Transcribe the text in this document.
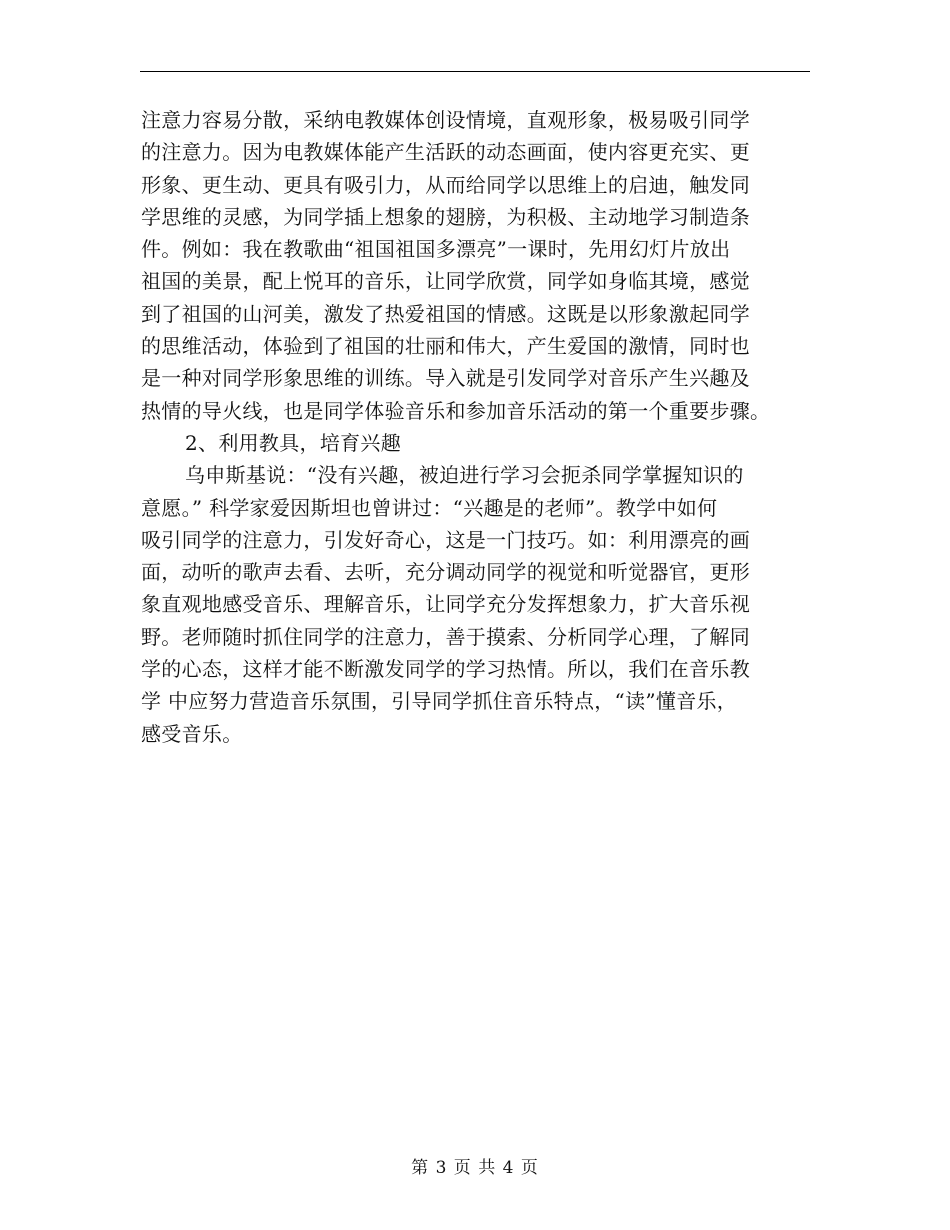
注意力容易分散，采纳电教媒体创设情境，直观形象，极易吸引同学
的注意力。因为电教媒体能产生活跃的动态画面，使内容更充实、更
形象、更生动、更具有吸引力，从而给同学以思维上的启迪，触发同
学思维的灵感，为同学插上想象的翅膀，为积极、主动地学习制造条
件。例如：我在教歌曲“祖国祖国多漂亮”一课时，先用幻灯片放出
祖国的美景，配上悦耳的音乐，让同学欣赏，同学如身临其境，感觉
到了祖国的山河美，激发了热爱祖国的情感。这既是以形象激起同学
的思维活动，体验到了祖国的壮丽和伟大，产生爱国的激情，同时也
是一种对同学形象思维的训练。导入就是引发同学对音乐产生兴趣及
热情的导火线，也是同学体验音乐和参加音乐活动的第一个重要步骤。
2、利用教具，培育兴趣
乌申斯基说：“没有兴趣，被迫进行学习会扼杀同学掌握知识的
意愿。” 科学家爱因斯坦也曾讲过：“兴趣是的老师”。教学中如何
吸引同学的注意力，引发好奇心，这是一门技巧。如：利用漂亮的画
面，动听的歌声去看、去听，充分调动同学的视觉和听觉器官，更形
象直观地感受音乐、理解音乐，让同学充分发挥想象力，扩大音乐视
野。老师随时抓住同学的注意力，善于摸索、分析同学心理，了解同
学的心态，这样才能不断激发同学的学习热情。所以，我们在音乐教
学 中应努力营造音乐氛围，引导同学抓住音乐特点，“读”懂音乐，
感受音乐。
第 3 页 共 4 页
